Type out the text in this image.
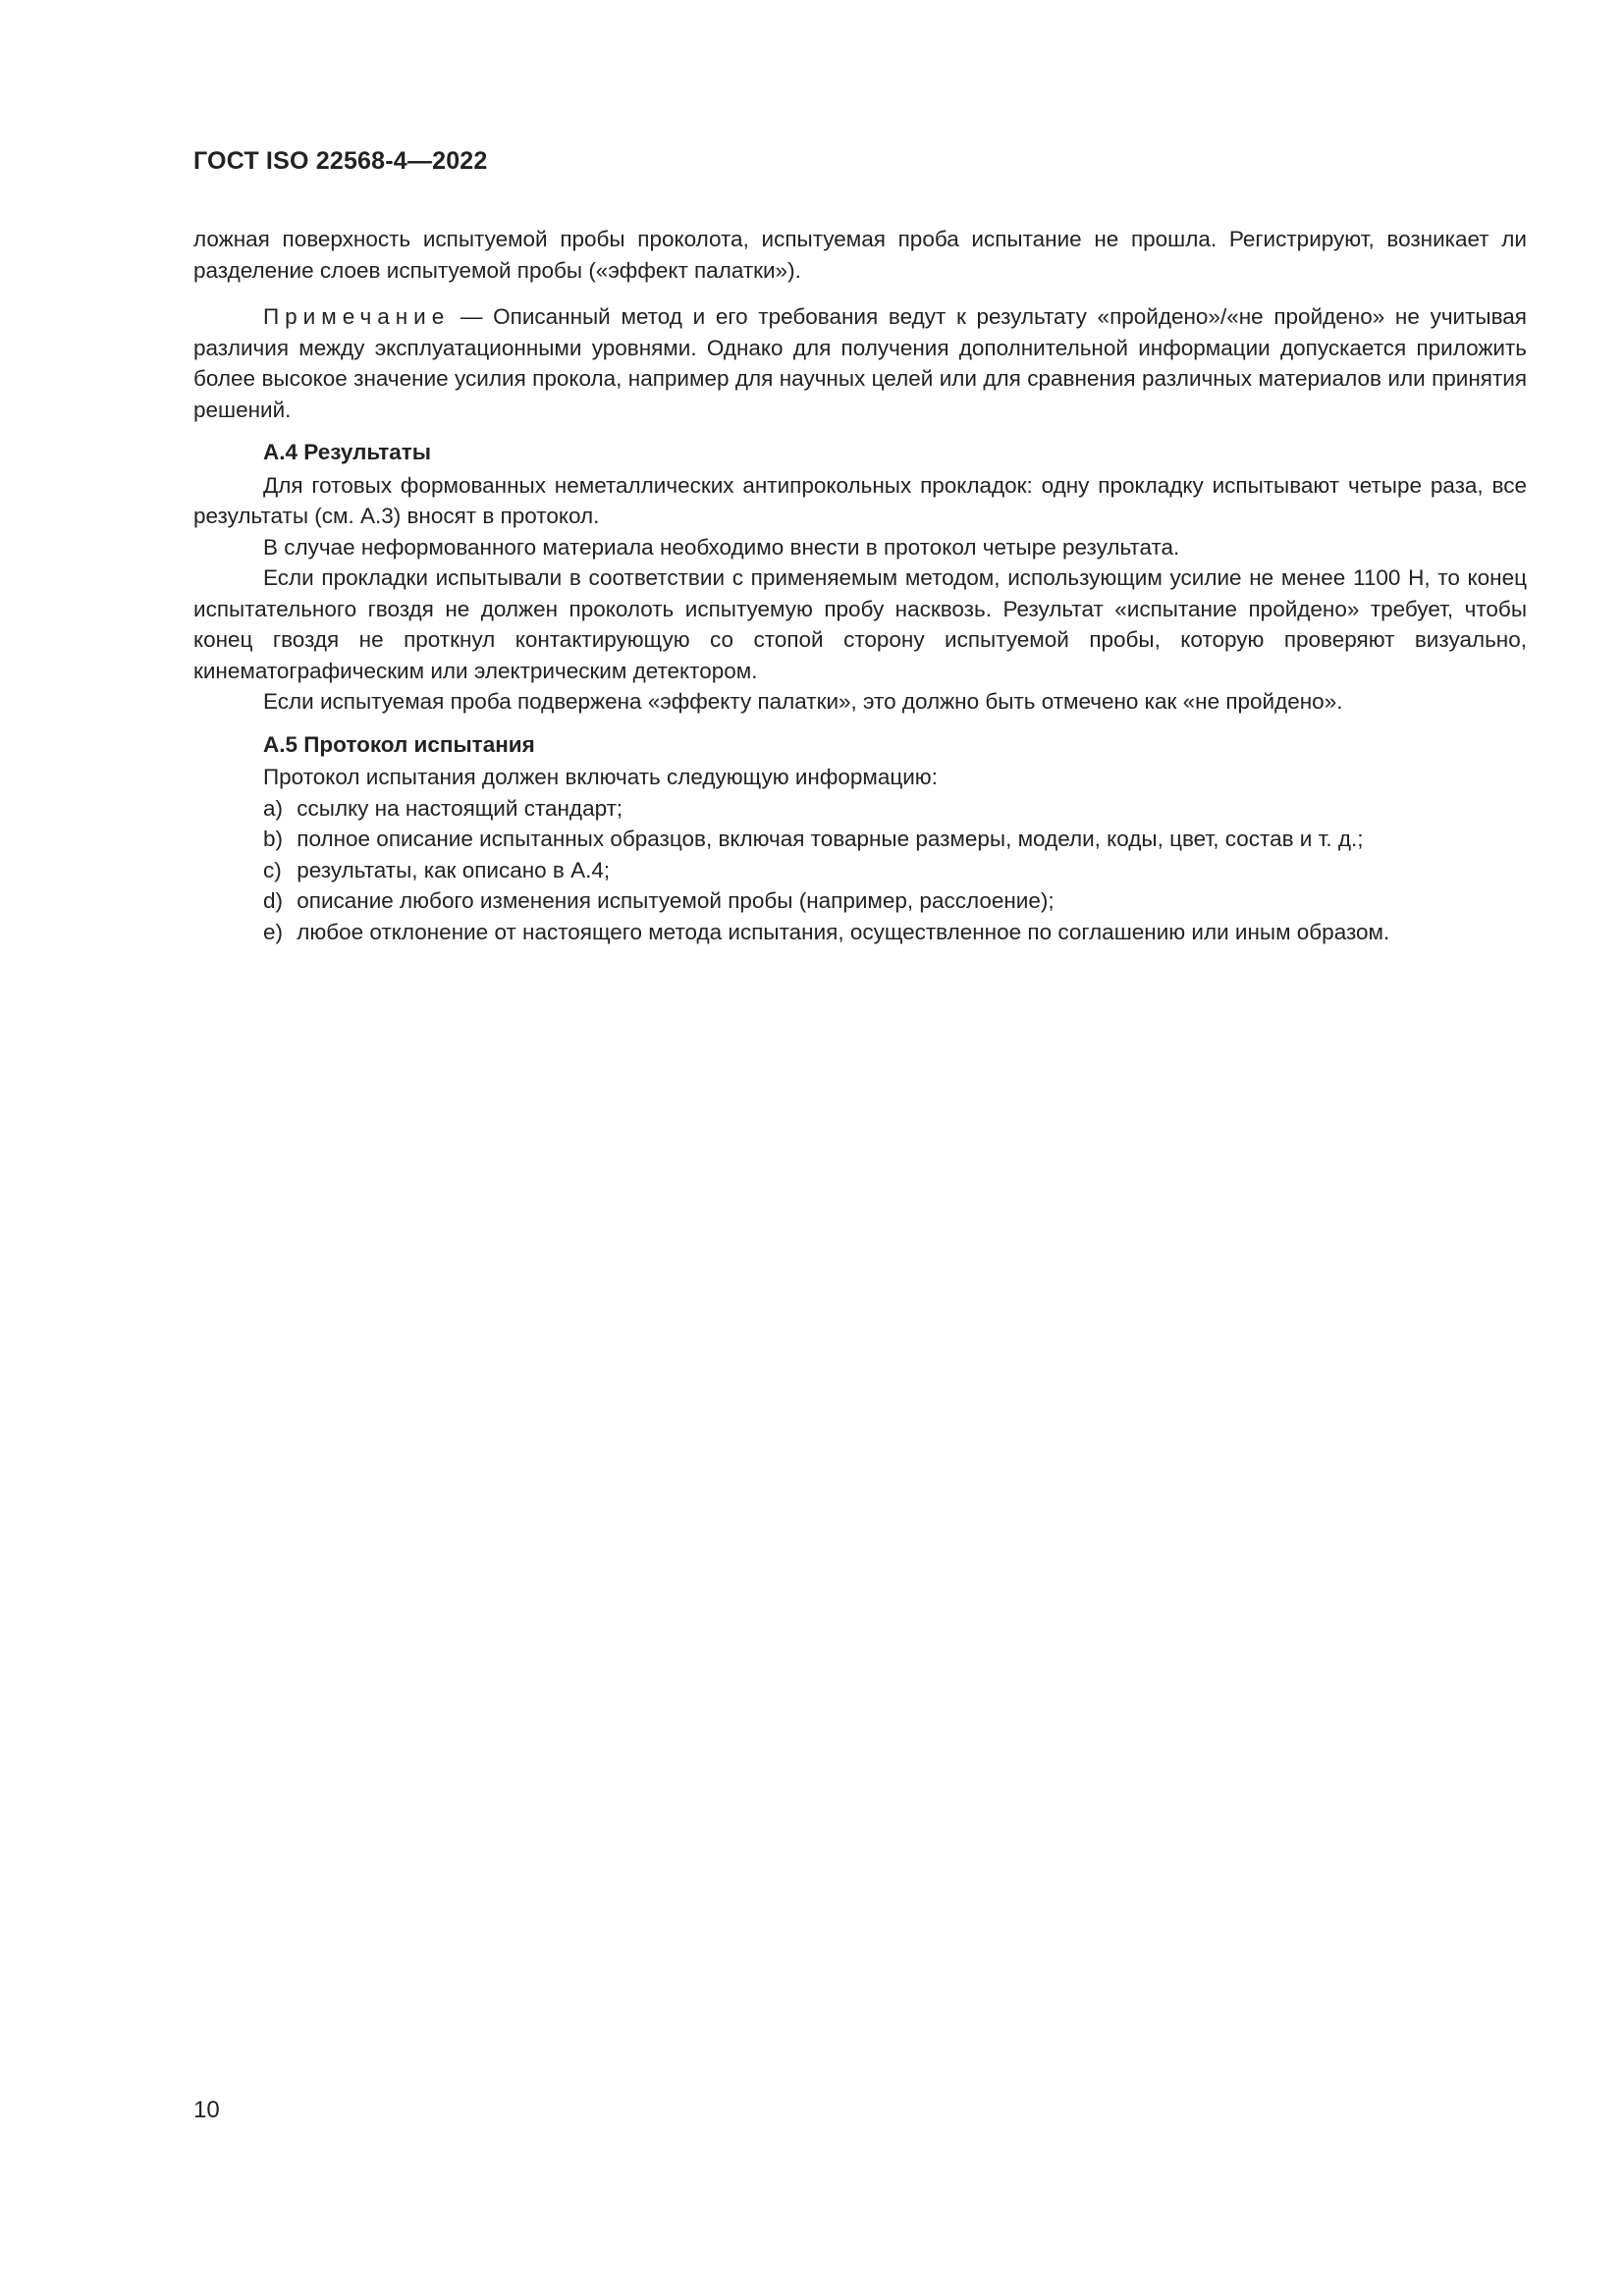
ГОСТ ISO 22568-4—2022

ложная поверхность испытуемой пробы проколота, испытуемая проба испытание не прошла. Регистрируют, возникает ли разделение слоев испытуемой пробы («эффект палатки»).

Примечание — Описанный метод и его требования ведут к результату «пройдено»/«не пройдено» не учитывая различия между эксплуатационными уровнями. Однако для получения дополнительной информации допускается приложить более высокое значение усилия прокола, например для научных целей или для сравнения различных материалов или принятия решений.

А.4 Результаты

Для готовых формованных неметаллических антипрокольных прокладок: одну прокладку испытывают четыре раза, все результаты (см. А.3) вносят в протокол.

В случае неформованного материала необходимо внести в протокол четыре результата.

Если прокладки испытывали в соответствии с применяемым методом, использующим усилие не менее 1100 Н, то конец испытательного гвоздя не должен проколоть испытуемую пробу насквозь. Результат «испытание пройдено» требует, чтобы конец гвоздя не проткнул контактирующую со стопой сторону испытуемой пробы, которую проверяют визуально, кинематографическим или электрическим детектором.

Если испытуемая проба подвержена «эффекту палатки», это должно быть отмечено как «не пройдено».

А.5 Протокол испытания

Протокол испытания должен включать следующую информацию:

a) ссылку на настоящий стандарт;

b) полное описание испытанных образцов, включая товарные размеры, модели, коды, цвет, состав и т. д.;

c) результаты, как описано в А.4;

d) описание любого изменения испытуемой пробы (например, расслоение);

e) любое отклонение от настоящего метода испытания, осуществленное по соглашению или иным образом.

10
